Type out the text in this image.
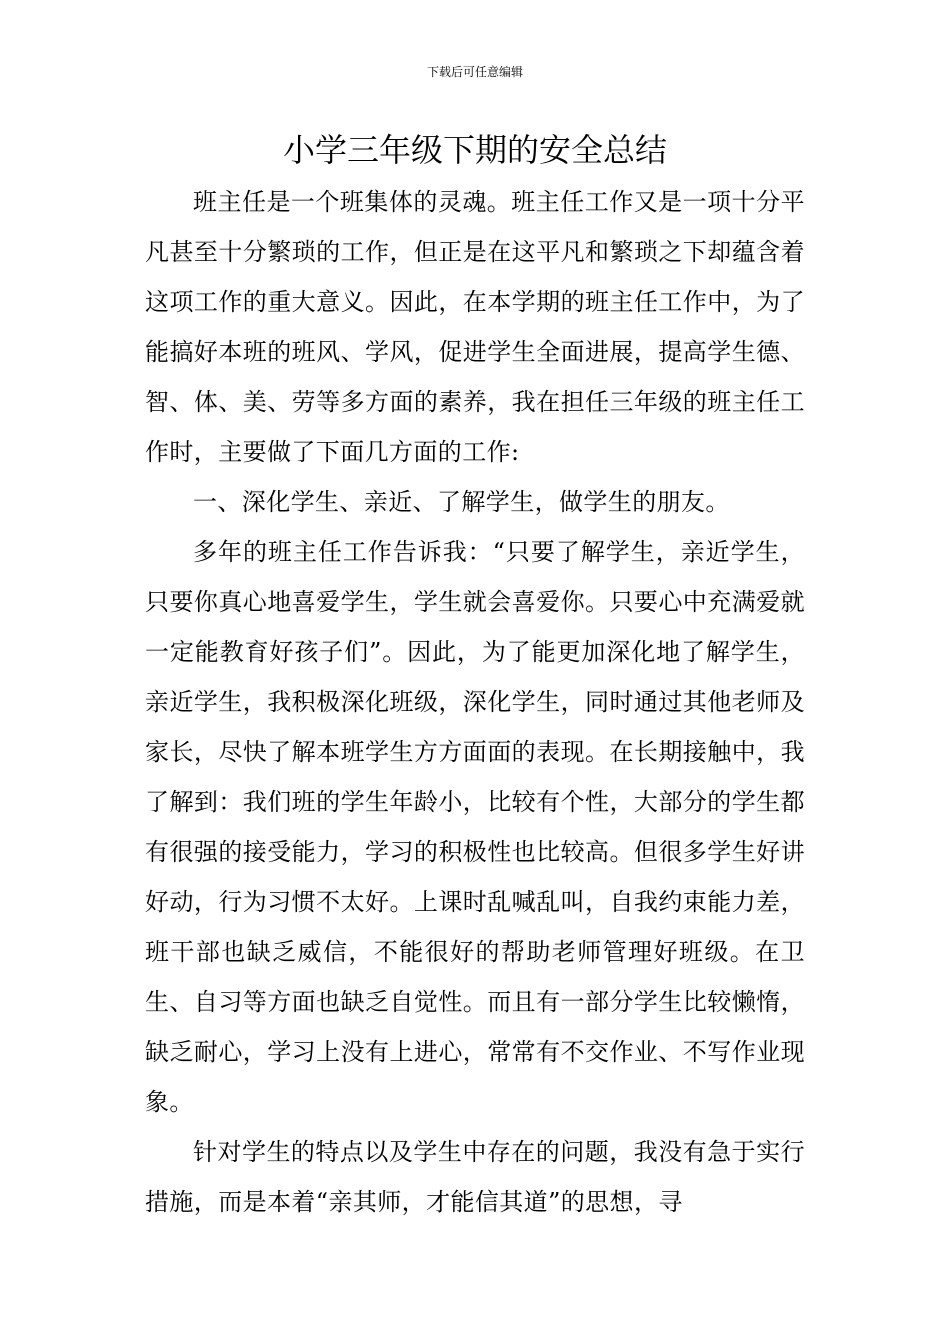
下载后可任意编辑
小学三年级下期的安全总结

班主任是一个班集体的灵魂。班主任工作又是一项十分平凡甚至十分繁琐的工作，但正是在这平凡和繁琐之下却蕴含着这项工作的重大意义。因此，在本学期的班主任工作中，为了能搞好本班的班风、学风，促进学生全面进展，提高学生德、智、体、美、劳等多方面的素养，我在担任三年级的班主任工作时，主要做了下面几方面的工作:

一、深化学生、亲近、了解学生，做学生的朋友。

多年的班主任工作告诉我：“只要了解学生，亲近学生，只要你真心地喜爱学生，学生就会喜爱你。只要心中充满爱就一定能教育好孩子们”。因此，为了能更加深化地了解学生，亲近学生，我积极深化班级，深化学生，同时通过其他老师及家长，尽快了解本班学生方方面面的表现。在长期接触中，我了解到：我们班的学生年龄小，比较有个性，大部分的学生都有很强的接受能力，学习的积极性也比较高。但很多学生好讲好动，行为习惯不太好。上课时乱喊乱叫，自我约束能力差，班干部也缺乏威信，不能很好的帮助老师管理好班级。在卫生、自习等方面也缺乏自觉性。而且有一部分学生比较懒惰，缺乏耐心，学习上没有上进心，常常有不交作业、不写作业现象。

针对学生的特点以及学生中存在的问题，我没有急于实行措施，而是本着“亲其师，才能信其道”的思想，寻
